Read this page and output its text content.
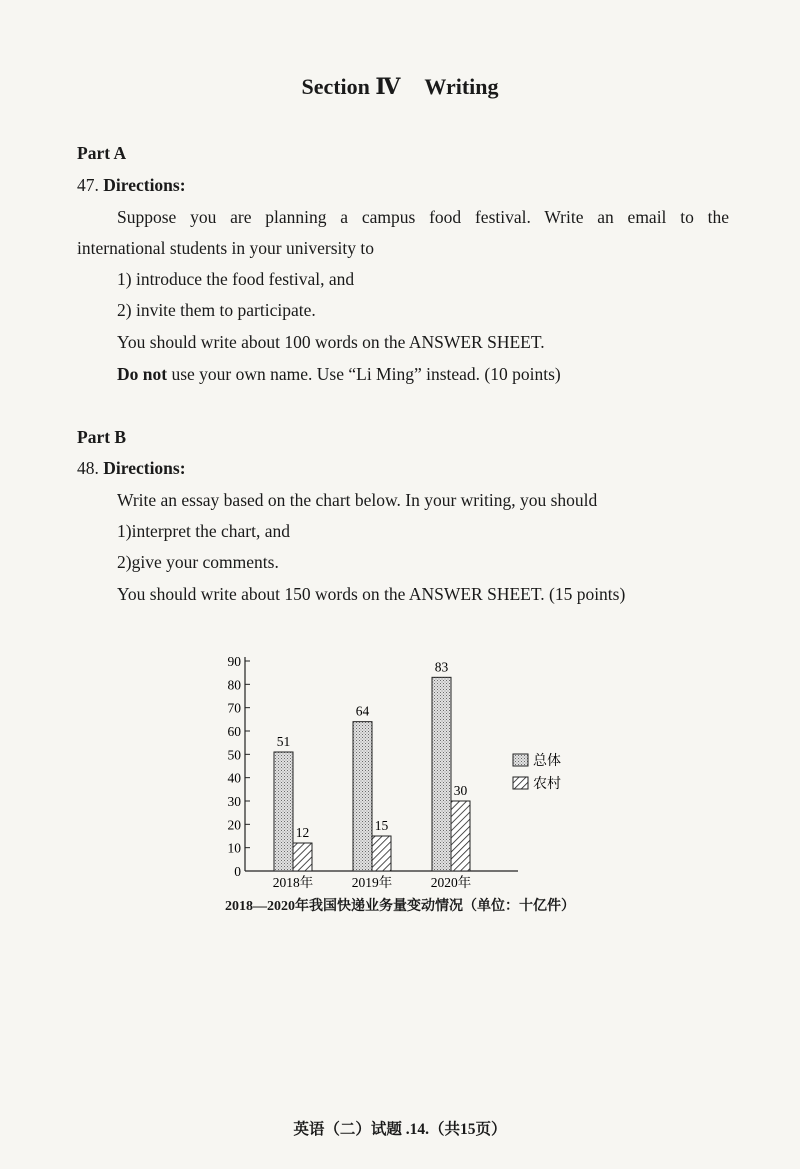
Section Ⅳ Writing
Part A
47. Directions:
Suppose you are planning a campus food festival. Write an email to the
international students in your university to
1) introduce the food festival, and
2) invite them to participate.
You should write about 100 words on the ANSWER SHEET.
Do not use your own name. Use “Li Ming” instead. (10 points)
Part B
48. Directions:
Write an essay based on the chart below. In your writing, you should
1)interpret the chart, and
2)give your comments.
You should write about 150 words on the ANSWER SHEET. (15 points)
0
10
20
30
40
50
60
70
80
90
51
12
2018年
64
15
2019年
83
30
2020年
总体
农村
2018—2020年我国快递业务量变动情况（单位：十亿件）
英语（二）试题 .14.（共15页）
